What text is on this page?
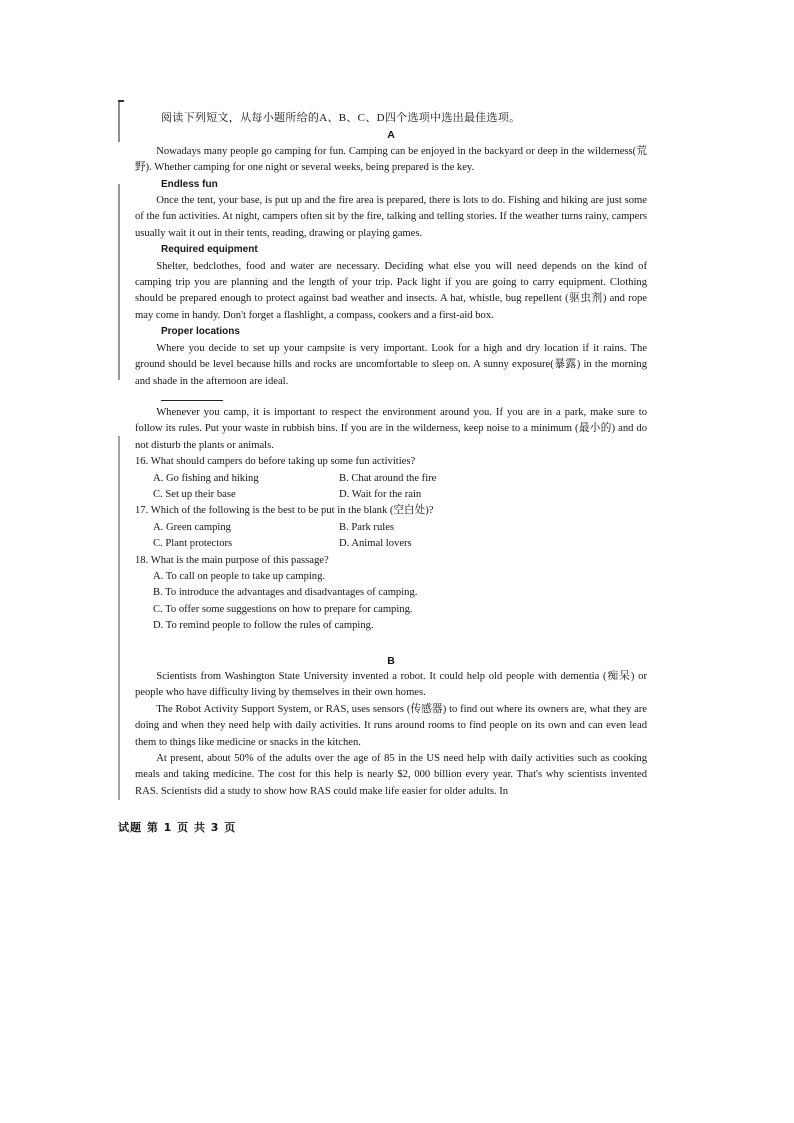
阅读下列短文，从每小题所给的A、B、C、D四个选项中选出最佳选项。

A

Nowadays many people go camping for fun. Camping can be enjoyed in the backyard or deep in the wilderness(荒野). Whether camping for one night or several weeks, being prepared is the key.

Endless fun

Once the tent, your base, is put up and the fire area is prepared, there is lots to do. Fishing and hiking are just some of the fun activities. At night, campers often sit by the fire, talking and telling stories. If the weather turns rainy, campers usually wait it out in their tents, reading, drawing or playing games.

Required equipment

Shelter, bedclothes, food and water are necessary. Deciding what else you will need depends on the kind of camping trip you are planning and the length of your trip. Pack light if you are going to carry equipment. Clothing should be prepared enough to protect against bad weather and insects. A hat, whistle, bug repellent (驱虫剂) and rope may come in handy. Don't forget a flashlight, a compass, cookers and a first-aid box.

Proper locations

Where you decide to set up your campsite is very important. Look for a high and dry location if it rains. The ground should be level because hills and rocks are uncomfortable to sleep on. A sunny exposure(暴露) in the morning and shade in the afternoon are ideal.

Whenever you camp, it is important to respect the environment around you. If you are in a park, make sure to follow its rules. Put your waste in rubbish bins. If you are in the wilderness, keep noise to a minimum (最小的) and do not disturb the plants or animals.

16. What should campers do before taking up some fun activities?

A. Go fishing and hiking	B. Chat around the fire
C. Set up their base	D. Wait for the rain

17. Which of the following is the best to be put in the blank (空白处)?

A. Green camping	B. Park rules
C. Plant protectors	D. Animal lovers

18. What is the main purpose of this passage?

A. To call on people to take up camping.
B. To introduce the advantages and disadvantages of camping.
C. To offer some suggestions on how to prepare for camping.
D. To remind people to follow the rules of camping.
B

Scientists from Washington State University invented a robot. It could help old people with dementia (痴呆) or people who have difficulty living by themselves in their own homes.

The Robot Activity Support System, or RAS, uses sensors (传感器) to find out where its owners are, what they are doing and when they need help with daily activities. It runs around rooms to find people on its own and can even lead them to things like medicine or snacks in the kitchen.

At present, about 50% of the adults over the age of 85 in the US need help with daily activities such as cooking meals and taking medicine. The cost for this help is nearly $2, 000 billion every year. That's why scientists invented RAS. Scientists did a study to show how RAS could make life easier for older adults. In

试题 第 1 页 共 3 页
